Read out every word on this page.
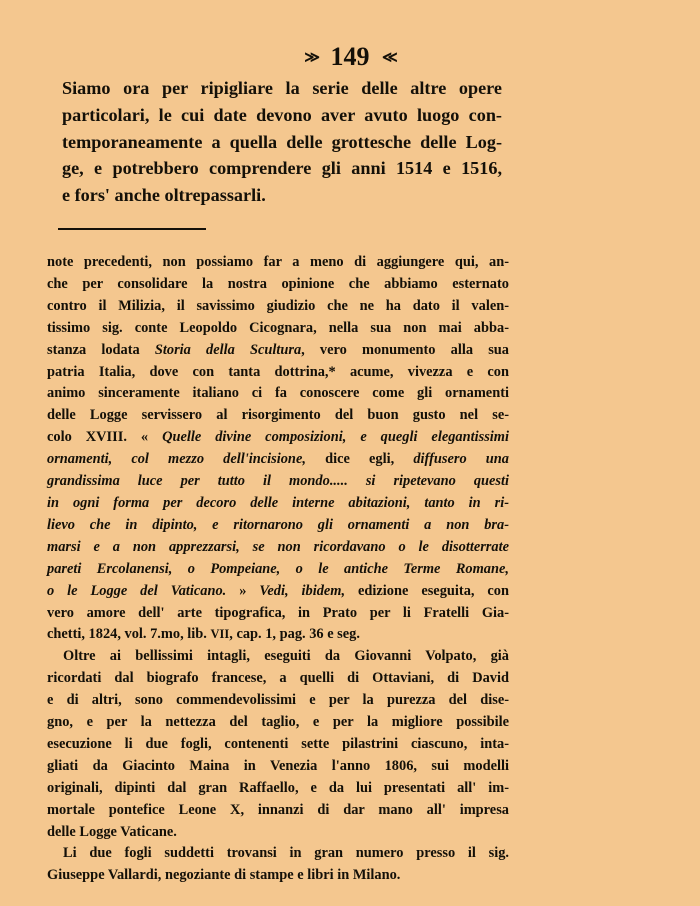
≫ 149 ≪
Siamo ora per ripigliare la serie delle altre opere
particolari, le cui date devono aver avuto luogo con-
temporaneamente a quella delle grottesche delle Log-
ge, e potrebbero comprendere gli anni 1514 e 1516,
e fors' anche oltrepassarli.
note precedenti, non possiamo far a meno di aggiungere qui, an-
che per consolidare la nostra opinione che abbiamo esternato
contro il Milizia, il savissimo giudizio che ne ha dato il valen-
tissimo sig. conte Leopoldo Cicognara, nella sua non mai abba-
stanza lodata Storia della Scultura, vero monumento alla sua
patria Italia, dove con tanta dottrina,* acume, vivezza e con
animo sinceramente italiano ci fa conoscere come gli ornamenti
delle Logge servissero al risorgimento del buon gusto nel se-
colo XVIII. « Quelle divine composizioni, e quegli elegantissimi
ornamenti, col mezzo dell'incisione, dice egli, diffusero una
grandissima luce per tutto il mondo..... si ripetevano questi
in ogni forma per decoro delle interne abitazioni, tanto in ri-
lievo che in dipinto, e ritornarono gli ornamenti a non bra-
marsi e a non apprezzarsi, se non ricordavano o le disotterrate
pareti Ercolanensi, o Pompeiane, o le antiche Terme Romane,
o le Logge del Vaticano. » Vedi, ibidem, edizione eseguita, con
vero amore dell' arte tipografica, in Prato per li Fratelli Gia-
chetti, 1824, vol. 7.mo, lib. VII, cap. 1, pag. 36 e seg.
Oltre ai bellissimi intagli, eseguiti da Giovanni Volpato, già
ricordati dal biografo francese, a quelli di Ottaviani, di David
e di altri, sono commendevolissimi e per la purezza del dise-
gno, e per la nettezza del taglio, e per la migliore possibile
esecuzione li due fogli, contenenti sette pilastrini ciascuno, inta-
gliati da Giacinto Maina in Venezia l'anno 1806, sui modelli
originali, dipinti dal gran Raffaello, e da lui presentati all' im-
mortale pontefice Leone X, innanzi di dar mano all' impresa
delle Logge Vaticane.
Li due fogli suddetti trovansi in gran numero presso il sig.
Giuseppe Vallardi, negoziante di stampe e libri in Milano.
